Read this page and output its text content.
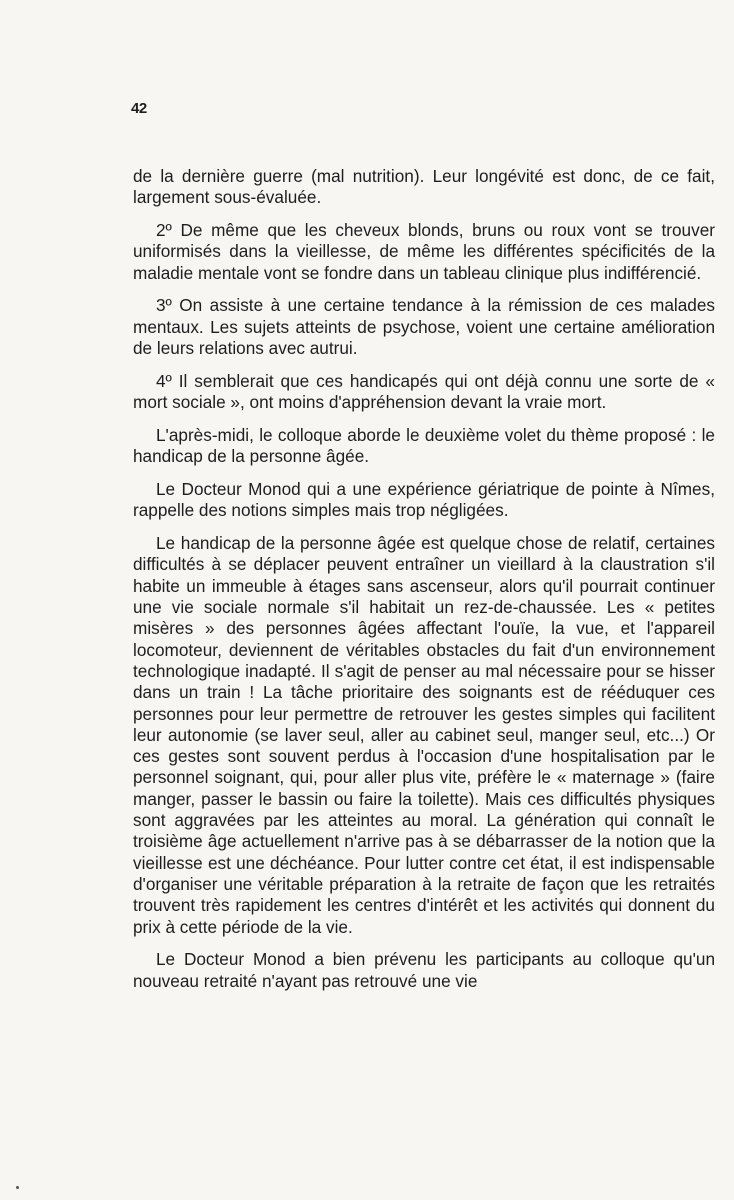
42

de la dernière guerre (mal nutrition). Leur longévité est donc, de ce fait, largement sous-évaluée.

2º De même que les cheveux blonds, bruns ou roux vont se trouver uniformisés dans la vieillesse, de même les différentes spécificités de la maladie mentale vont se fondre dans un tableau clinique plus indifférencié.

3º On assiste à une certaine tendance à la rémission de ces malades mentaux. Les sujets atteints de psychose, voient une certaine amélioration de leurs relations avec autrui.

4º Il semblerait que ces handicapés qui ont déjà connu une sorte de « mort sociale », ont moins d'appréhension devant la vraie mort.

L'après-midi, le colloque aborde le deuxième volet du thème proposé : le handicap de la personne âgée.

Le Docteur Monod qui a une expérience gériatrique de pointe à Nîmes, rappelle des notions simples mais trop négligées.

Le handicap de la personne âgée est quelque chose de relatif, certaines difficultés à se déplacer peuvent entraîner un vieillard à la claustration s'il habite un immeuble à étages sans ascenseur, alors qu'il pourrait continuer une vie sociale normale s'il habitait un rez-de-chaussée. Les « petites misères » des personnes âgées affectant l'ouïe, la vue, et l'appareil locomoteur, deviennent de véritables obstacles du fait d'un environnement technologique inadapté. Il s'agit de penser au mal nécessaire pour se hisser dans un train ! La tâche prioritaire des soignants est de rééduquer ces personnes pour leur permettre de retrouver les gestes simples qui facilitent leur autonomie (se laver seul, aller au cabinet seul, manger seul, etc...) Or ces gestes sont souvent perdus à l'occasion d'une hospitalisation par le personnel soignant, qui, pour aller plus vite, préfère le « maternage » (faire manger, passer le bassin ou faire la toilette). Mais ces difficultés physiques sont aggravées par les atteintes au moral. La génération qui connaît le troisième âge actuellement n'arrive pas à se débarrasser de la notion que la vieillesse est une déchéance. Pour lutter contre cet état, il est indispensable d'organiser une véritable préparation à la retraite de façon que les retraités trouvent très rapidement les centres d'intérêt et les activités qui donnent du prix à cette période de la vie.

Le Docteur Monod a bien prévenu les participants au colloque qu'un nouveau retraité n'ayant pas retrouvé une vie
